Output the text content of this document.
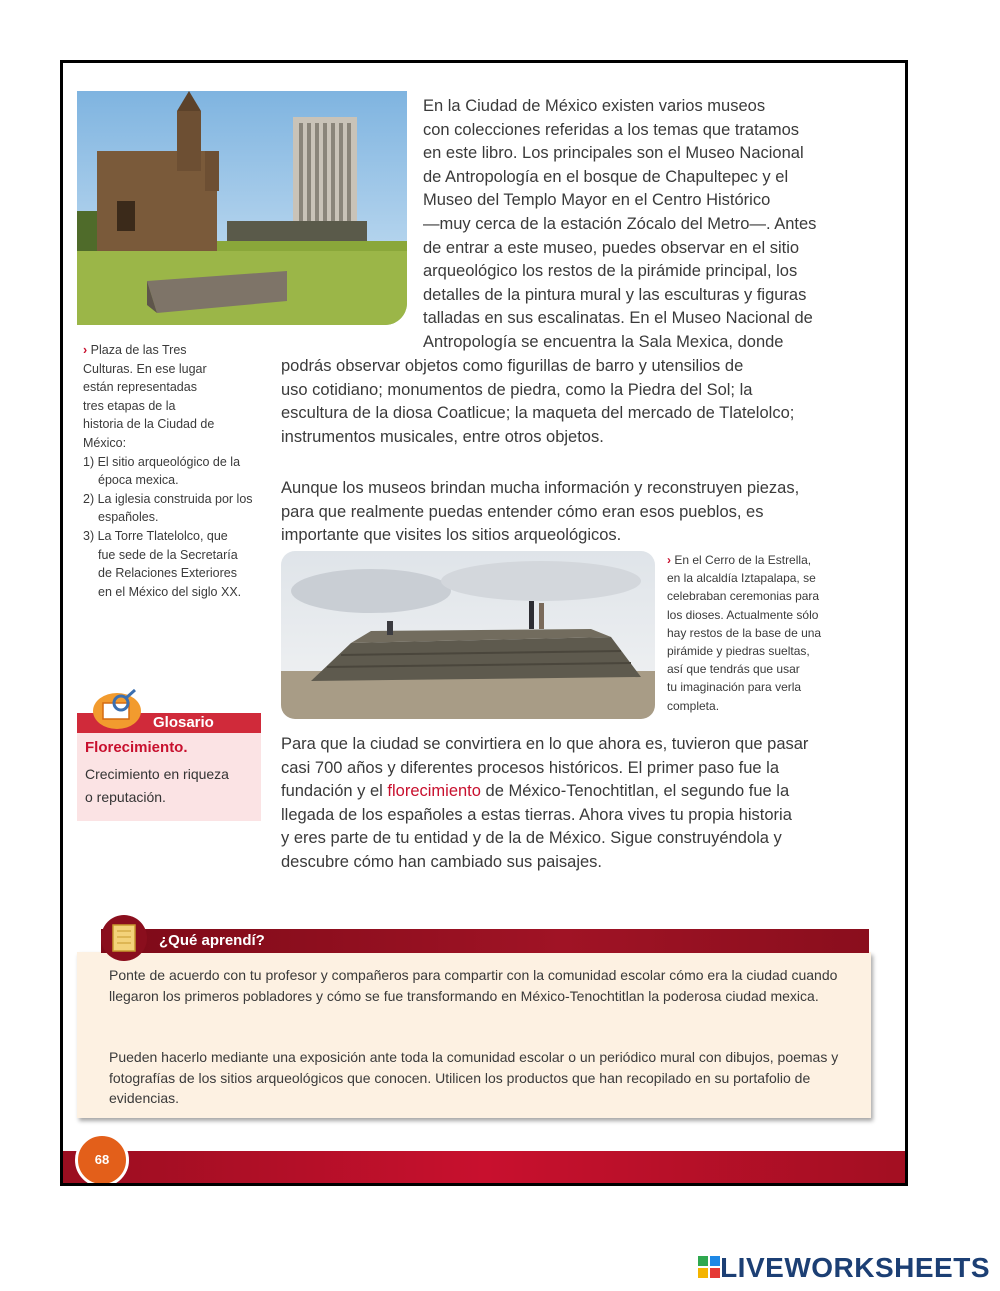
En la Ciudad de México existen varios museos
con colecciones referidas a los temas que tratamos
en este libro. Los principales son el Museo Nacional
de Antropología en el bosque de Chapultepec y el
Museo del Templo Mayor en el Centro Histórico
—muy cerca de la estación Zócalo del Metro—. Antes
de entrar a este museo, puedes observar en el sitio
arqueológico los restos de la pirámide principal, los
detalles de la pintura mural y las esculturas y figuras
talladas en sus escalinatas. En el Museo Nacional de
Antropología se encuentra la Sala Mexica, donde
podrás observar objetos como figurillas de barro y utensilios de
uso cotidiano; monumentos de piedra, como la Piedra del Sol; la
escultura de la diosa Coatlicue; la maqueta del mercado de Tlatelolco;
instrumentos musicales, entre otros objetos.
› Plaza de las Tres
Culturas. En ese lugar
están representadas
tres etapas de la
historia de la Ciudad de
México:
1) El sitio arqueológico de la época mexica.
2) La iglesia construida por los españoles.
3) La Torre Tlatelolco, que fue sede de la Secretaría de Relaciones Exteriores en el México del siglo XX.
Aunque los museos brindan mucha información y reconstruyen piezas,
para que realmente puedas entender cómo eran esos pueblos, es
importante que visites los sitios arqueológicos.
› En el Cerro de la Estrella,
en la alcaldía Iztapalapa, se
celebraban ceremonias para
los dioses. Actualmente sólo
hay restos de la base de una
pirámide y piedras sueltas,
así que tendrás que usar
tu imaginación para verla
completa.
Glosario
Florecimiento.
Crecimiento en riqueza
o reputación.
Para que la ciudad se convirtiera en lo que ahora es, tuvieron que pasar
casi 700 años y diferentes procesos históricos. El primer paso fue la
fundación y el florecimiento de México-Tenochtitlan, el segundo fue la
llegada de los españoles a estas tierras. Ahora vives tu propia historia
y eres parte de tu entidad y de la de México. Sigue construyéndola y
descubre cómo han cambiado sus paisajes.
¿Qué aprendí?
Ponte de acuerdo con tu profesor y compañeros para compartir con la comunidad escolar cómo era la ciudad cuando llegaron los primeros pobladores y cómo se fue transformando en México-Tenochtitlan la poderosa ciudad mexica.
Pueden hacerlo mediante una exposición ante toda la comunidad escolar o un periódico mural con dibujos, poemas y fotografías de los sitios arqueológicos que conocen. Utilicen los productos que han recopilado en su portafolio de evidencias.
68
LIVEWORKSHEETS
